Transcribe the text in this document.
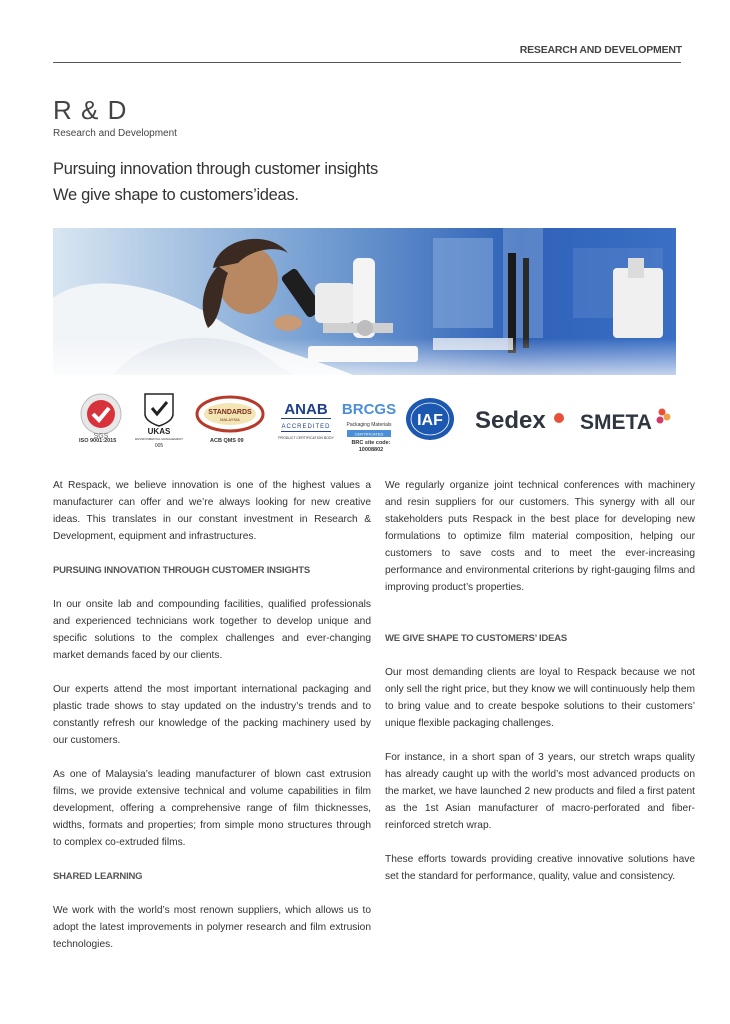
RESEARCH AND DEVELOPMENT
R & D
Research and Development
Pursuing innovation through customer insights
We give shape to customers’ideas.
SGS
ISO 9001:2015
UKAS
ENVIRONMENTAL MANAGEMENT
005
STANDARDS
MALAYSIA
ACB QMS 09
ANAB
ACCREDITED
PRODUCT CERTIFICATION BODY
BRCGS
Packaging Materials
CERTIFICATED
BRC site code:
10008802
IAF Sedex SMETA

At Respack, we believe innovation is one of the highest values a manufacturer can offer and we’re always looking for new creative ideas. This translates in our constant investment in Research & Development, equipment and infrastructures.

PURSUING INNOVATION THROUGH CUSTOMER INSIGHTS

In our onsite lab and compounding facilities, qualified professionals and experienced technicians work together to develop unique and specific solutions to the complex challenges and ever-changing market demands faced by our clients.

Our experts attend the most important international packaging and plastic trade shows to stay updated on the industry’s trends and to constantly refresh our knowledge of the packing machinery used by our customers.

As one of Malaysia’s leading manufacturer of blown cast extrusion films, we provide extensive technical and volume capabilities in film development, offering a comprehensive range of film thicknesses, widths, formats and properties; from simple mono structures through to complex co-extruded films.

SHARED LEARNING

We work with the world’s most renown suppliers, which allows us to adopt the latest improvements in polymer research and film extrusion technologies.

We regularly organize joint technical conferences with machinery and resin suppliers for our customers. This synergy with all our stakeholders puts Respack in the best place for developing new formulations to optimize film material composition, helping our customers to save costs and to meet the ever-increasing performance and environmental criterions by right-gauging films and improving product’s properties.

WE GIVE SHAPE TO CUSTOMERS’ IDEAS

Our most demanding clients are loyal to Respack because we not only sell the right price, but they know we will continuously help them to bring value and to create bespoke solutions to their customers’ unique flexible packaging challenges.

For instance, in a short span of 3 years, our stretch wraps quality has already caught up with the world’s most advanced products on the market, we have launched 2 new products and filed a first patent as the 1st Asian manufacturer of macro-perforated and fiber-reinforced stretch wrap.

These efforts towards providing creative innovative solutions have set the standard for performance, quality, value and consistency.
